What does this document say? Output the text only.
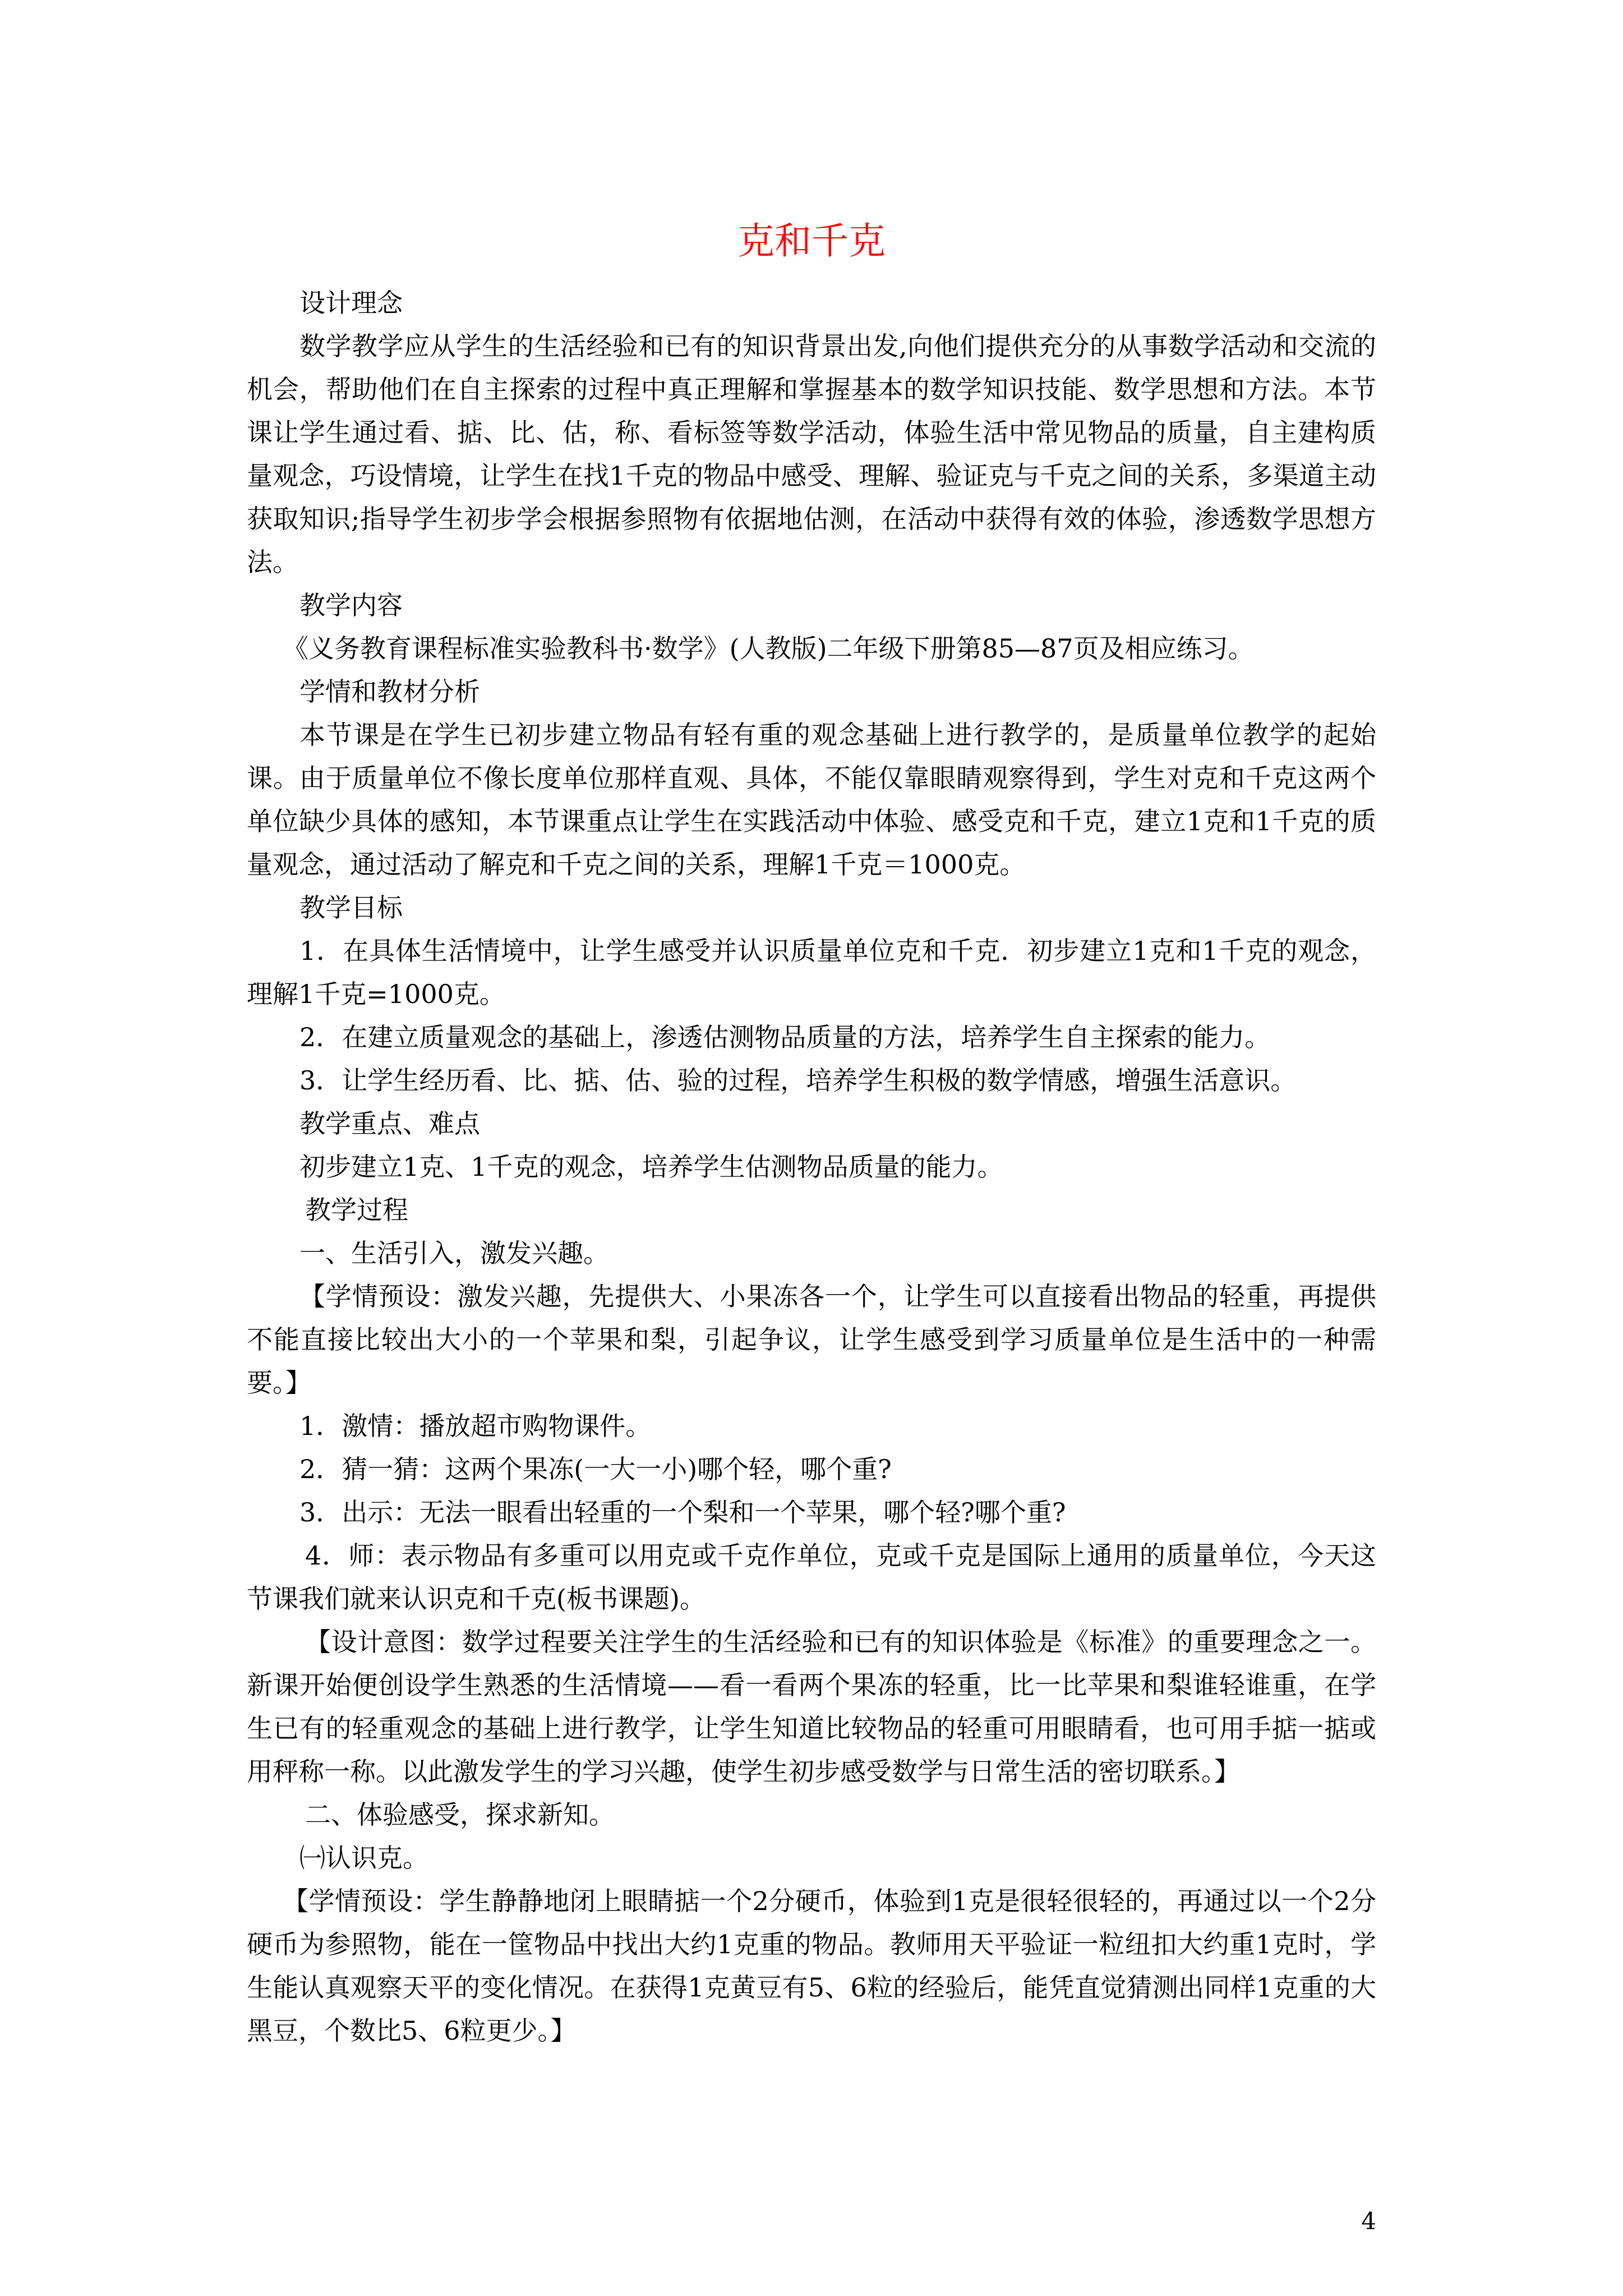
克和千克

设计理念

数学教学应从学生的生活经验和已有的知识背景出发,向他们提供充分的从事数学活动和交流的机会，帮助他们在自主探索的过程中真正理解和掌握基本的数学知识技能、数学思想和方法。本节课让学生通过看、掂、比、估，称、看标签等数学活动，体验生活中常见物品的质量，自主建构质量观念，巧设情境，让学生在找1千克的物品中感受、理解、验证克与千克之间的关系，多渠道主动获取知识;指导学生初步学会根据参照物有依据地估测，在活动中获得有效的体验，渗透数学思想方法。

教学内容

《义务教育课程标准实验教科书·数学》(人教版)二年级下册第85—87页及相应练习。

学情和教材分析

本节课是在学生已初步建立物品有轻有重的观念基础上进行教学的，是质量单位教学的起始课。由于质量单位不像长度单位那样直观、具体，不能仅靠眼睛观察得到，学生对克和千克这两个单位缺少具体的感知，本节课重点让学生在实践活动中体验、感受克和千克，建立1克和1千克的质量观念，通过活动了解克和千克之间的关系，理解1千克＝1000克。

教学目标

1．在具体生活情境中，让学生感受并认识质量单位克和千克．初步建立1克和1千克的观念，理解1千克=1000克。

2．在建立质量观念的基础上，渗透估测物品质量的方法，培养学生自主探索的能力。

3．让学生经历看、比、掂、估、验的过程，培养学生积极的数学情感，增强生活意识。

教学重点、难点

初步建立1克、1千克的观念，培养学生估测物品质量的能力。

教学过程

一、生活引入，激发兴趣。

【学情预设：激发兴趣，先提供大、小果冻各一个，让学生可以直接看出物品的轻重，再提供不能直接比较出大小的一个苹果和梨，引起争议，让学生感受到学习质量单位是生活中的一种需要。】

1．激情：播放超市购物课件。

2．猜一猜：这两个果冻(一大一小)哪个轻，哪个重?

3．出示：无法一眼看出轻重的一个梨和一个苹果，哪个轻?哪个重?

4．师：表示物品有多重可以用克或千克作单位，克或千克是国际上通用的质量单位，今天这节课我们就来认识克和千克(板书课题)。

【设计意图：数学过程要关注学生的生活经验和已有的知识体验是《标准》的重要理念之一。新课开始便创设学生熟悉的生活情境——看一看两个果冻的轻重，比一比苹果和梨谁轻谁重，在学生已有的轻重观念的基础上进行教学，让学生知道比较物品的轻重可用眼睛看，也可用手掂一掂或用秤称一称。以此激发学生的学习兴趣，使学生初步感受数学与日常生活的密切联系。】

二、体验感受，探求新知。

㈠认识克。

【学情预设：学生静静地闭上眼睛掂一个2分硬币，体验到1克是很轻很轻的，再通过以一个2分硬币为参照物，能在一筐物品中找出大约1克重的物品。教师用天平验证一粒纽扣大约重1克时，学生能认真观察天平的变化情况。在获得1克黄豆有5、6粒的经验后，能凭直觉猜测出同样1克重的大黑豆，个数比5、6粒更少。】

4
